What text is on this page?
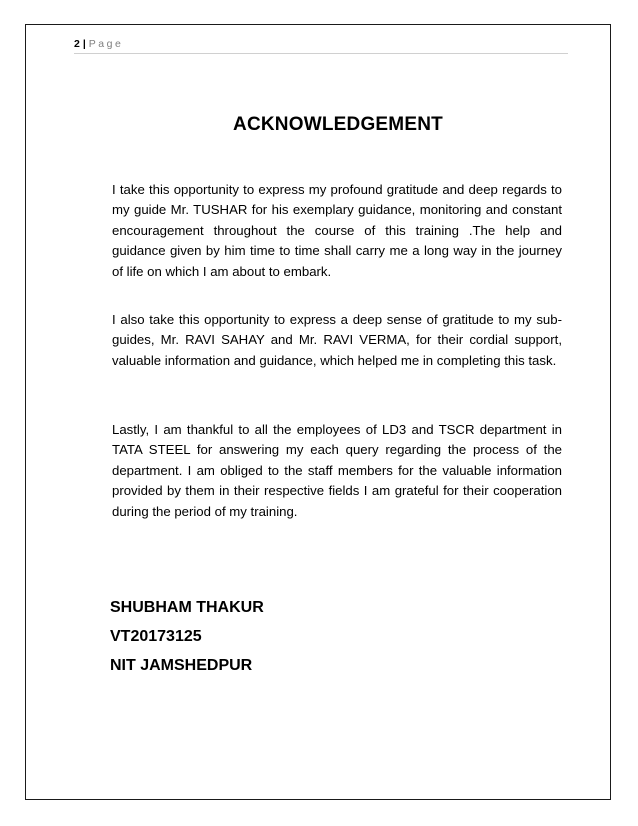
2 | Page
ACKNOWLEDGEMENT

I take this opportunity to express my profound gratitude and deep regards to my guide Mr. TUSHAR for his exemplary guidance, monitoring and constant encouragement throughout the course of this training .The help and guidance given by him time to time shall carry me a long way in the journey of life on which I am about to embark.

I also take this opportunity to express a deep sense of gratitude to my sub-guides, Mr. RAVI SAHAY and Mr. RAVI VERMA, for their cordial support, valuable information and guidance, which helped me in completing this task.

Lastly, I am thankful to all the employees of LD3 and TSCR department in TATA STEEL for answering my each query regarding the process of the department. I am obliged to the staff members for the valuable information provided by them in their respective fields I am grateful for their cooperation during the period of my training.

SHUBHAM THAKUR
VT20173125
NIT JAMSHEDPUR
